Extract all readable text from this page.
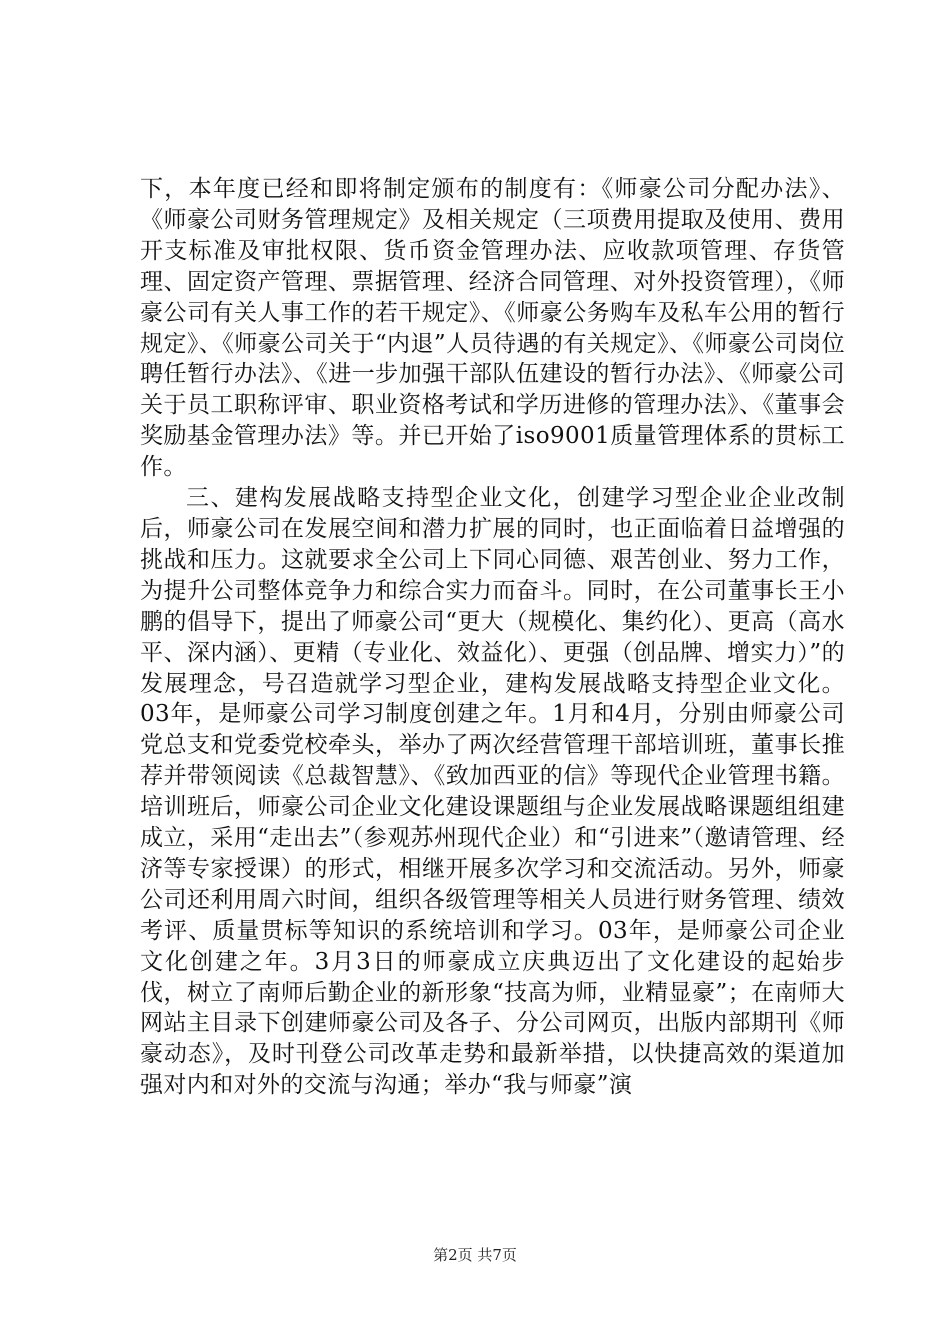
下，本年度已经和即将制定颁布的制度有：《师豪公司分配办法》、《师豪公司财务管理规定》及相关规定（三项费用提取及使用、费用开支标准及审批权限、货币资金管理办法、应收款项管理、存货管理、固定资产管理、票据管理、经济合同管理、对外投资管理），《师豪公司有关人事工作的若干规定》、《师豪公务购车及私车公用的暂行规定》、《师豪公司关于“内退”人员待遇的有关规定》、《师豪公司岗位聘任暂行办法》、《进一步加强干部队伍建设的暂行办法》、《师豪公司关于员工职称评审、职业资格考试和学历进修的管理办法》、《董事会奖励基金管理办法》等。并已开始了iso9001质量管理体系的贯标工作。

三、建构发展战略支持型企业文化，创建学习型企业企业改制后，师豪公司在发展空间和潜力扩展的同时，也正面临着日益增强的挑战和压力。这就要求全公司上下同心同德、艰苦创业、努力工作，为提升公司整体竞争力和综合实力而奋斗。同时，在公司董事长王小鹏的倡导下，提出了师豪公司“更大（规模化、集约化）、更高（高水平、深内涵）、更精（专业化、效益化）、更强（创品牌、增实力）”的发展理念，号召造就学习型企业，建构发展战略支持型企业文化。03年，是师豪公司学习制度创建之年。1月和4月，分别由师豪公司党总支和党委党校牵头，举办了两次经营管理干部培训班，董事长推荐并带领阅读《总裁智慧》、《致加西亚的信》等现代企业管理书籍。培训班后，师豪公司企业文化建设课题组与企业发展战略课题组组建成立，采用“走出去”（参观苏州现代企业）和“引进来”（邀请管理、经济等专家授课）的形式，相继开展多次学习和交流活动。另外，师豪公司还利用周六时间，组织各级管理等相关人员进行财务管理、绩效考评、质量贯标等知识的系统培训和学习。03年，是师豪公司企业文化创建之年。3月3日的师豪成立庆典迈出了文化建设的起始步伐，树立了南师后勤企业的新形象“技高为师，业精显豪”；在南师大网站主目录下创建师豪公司及各子、分公司网页，出版内部期刊《师豪动态》，及时刊登公司改革走势和最新举措，以快捷高效的渠道加强对内和对外的交流与沟通；举办“我与师豪”演

第2页 共7页
